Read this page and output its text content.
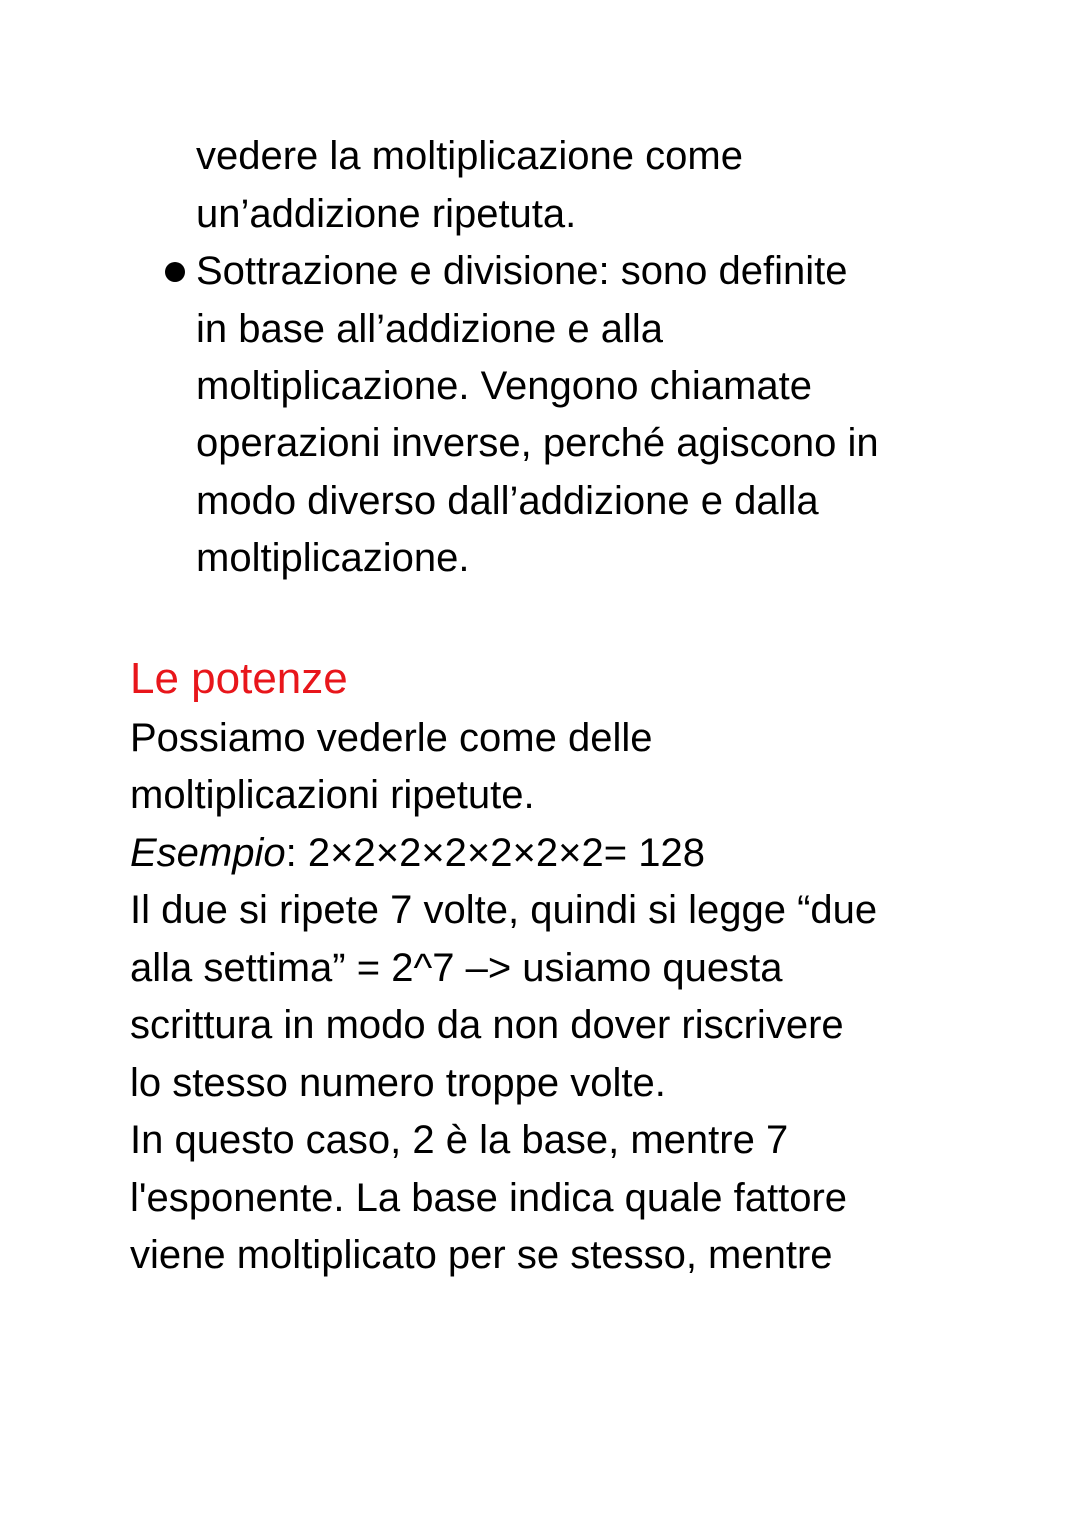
vedere la moltiplicazione come

un’addizione ripetuta.

Sottrazione e divisione: sono definite

in base all’addizione e alla

moltiplicazione. Vengono chiamate

operazioni inverse, perché agiscono in

modo diverso dall’addizione e dalla

moltiplicazione.

Le potenze

Possiamo vederle come delle

moltiplicazioni ripetute.

Esempio: 2×2×2×2×2×2×2= 128

Il due si ripete 7 volte, quindi si legge “due

alla settima” = 2^7 –> usiamo questa

scrittura in modo da non dover riscrivere

lo stesso numero troppe volte.

In questo caso, 2 è la base, mentre 7

l'esponente. La base indica quale fattore

viene moltiplicato per se stesso, mentre
